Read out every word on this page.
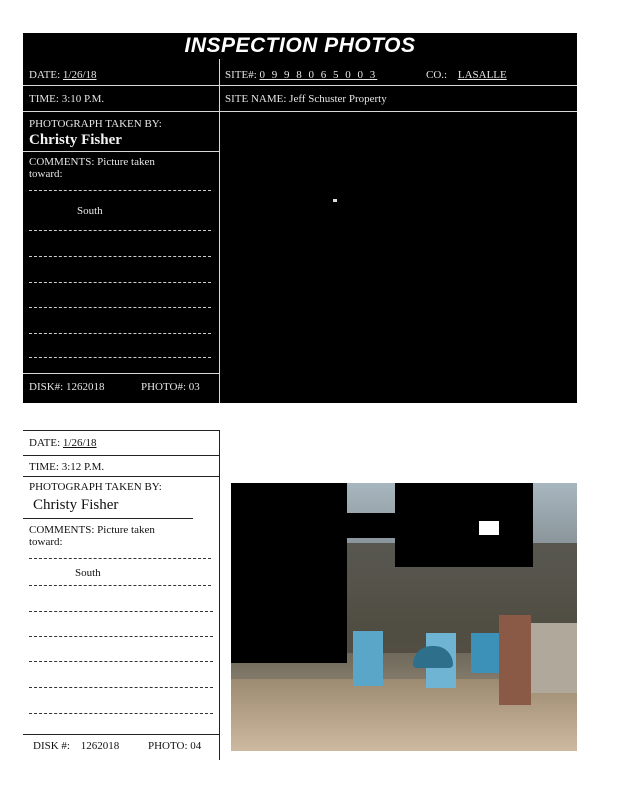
INSPECTION PHOTOS
DATE: 1/26/18	SITE#: 0 9 9 8 0 6 5 0 0 3	CO.: LASALLE
TIME: 3:10 P.M.	SITE NAME: Jeff Schuster Property
PHOTOGRAPH TAKEN BY:
Christy Fisher
COMMENTS: Picture taken toward:
South
DISK#: 1262018	PHOTO#: 03
DATE: 1/26/18
TIME: 3:12 P.M.
PHOTOGRAPH TAKEN BY:
Christy Fisher
COMMENTS: Picture taken toward:
South
DISK #: 1262018	PHOTO: 04
